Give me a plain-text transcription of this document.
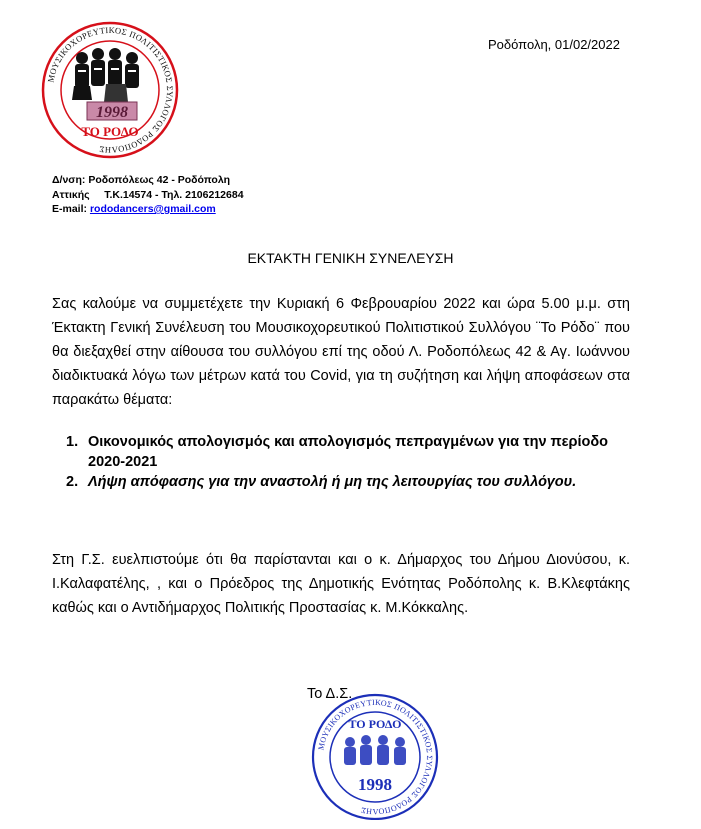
ΜΟΥΣΙΚΟΧΟΡΕΥΤΙΚΟΣ ΠΟΛΙΤΙΣΤΙΚΟΣ ΣΥΛΛΟΓΟΣ ΡΟΔΟΠΟΛΗΣ
1998
ΤΟ ΡΟΔΟ
Ροδόπολη, 01/02/2022
Δ/νση: Ροδοπόλεως 42 - Ροδόπολη
Αττικής Τ.Κ.14574 - Τηλ. 2106212684
E-mail: rododancers@gmail.com
ΕΚΤΑΚΤΗ ΓΕΝΙΚΗ ΣΥΝΕΛΕΥΣΗ
Σας καλούμε να συμμετέχετε την Κυριακή 6 Φεβρουαρίου 2022 και ώρα 5.00 μ.μ. στη Έκτακτη Γενική Συνέλευση του Μουσικοχορευτικού Πολιτιστικού Συλλόγου ¨Το Ρόδο¨ που θα διεξαχθεί στην αίθουσα του συλλόγου επί της οδού Λ. Ροδοπόλεως 42 & Αγ. Ιωάννου διαδικτυακά λόγω των μέτρων κατά του Covid, για τη συζήτηση και λήψη αποφάσεων στα παρακάτω θέματα:
1. Οικονομικός απολογισμός και απολογισμός πεπραγμένων για την περίοδο 2020-2021
2. Λήψη απόφασης για την αναστολή ή μη της λειτουργίας του συλλόγου.
Στη Γ.Σ. ευελπιστούμε ότι θα παρίστανται και ο κ. Δήμαρχος του Δήμου Διονύσου, κ. Ι.Καλαφατέλης, , και ο Πρόεδρος της Δημοτικής Ενότητας Ροδόπολης κ. Β.Κλεφτάκης καθώς και ο Αντιδήμαρχος Πολιτικής Προστασίας κ. Μ.Κόκκαλης.
Το Δ.Σ.
ΜΟΥΣΙΚΟΧΟΡΕΥΤΙΚΟΣ ΠΟΛΙΤΙΣΤΙΚΟΣ ΣΥΛΛΟΓΟΣ ΡΟΔΟΠΟΛΗΣ
ΤΟ ΡΟΔΟ
1998
